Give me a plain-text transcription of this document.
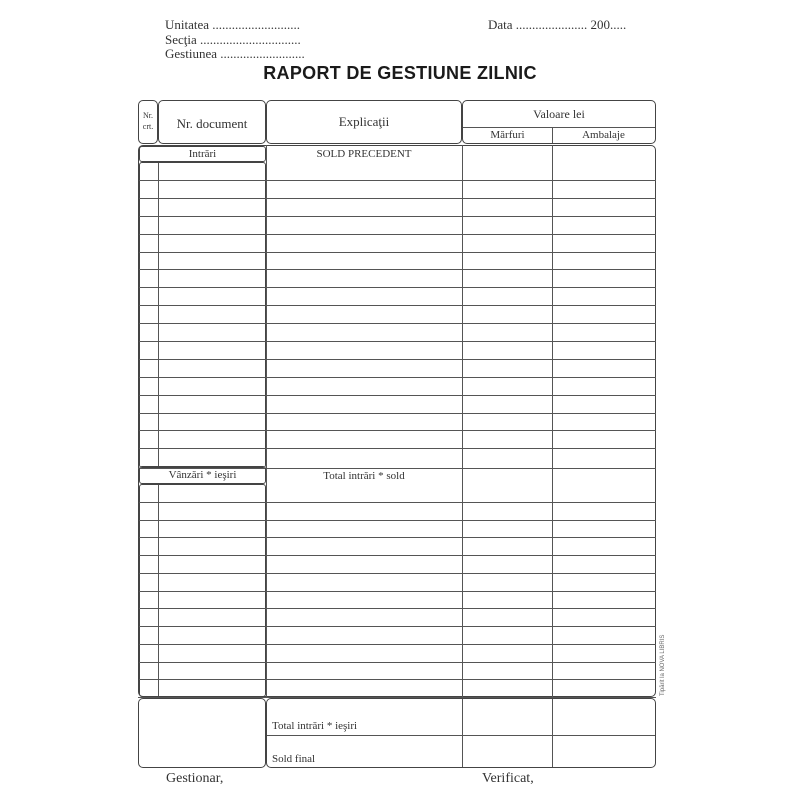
Unitatea ...........................
Secţia ...............................
Gestiunea ..........................
Data ...................... 200.....
RAPORT DE GESTIUNE ZILNIC
Nr.
crt.	Nr. document	Explicaţii	Valoare lei
Mărfuri	Ambalaje
Intrări	SOLD PRECEDENT
Vânzări * ieşiri	Total intrări * sold
Total intrări * ieşiri
Sold final
Tipărit la NOVA LIBRIS
Gestionar,	Verificat,
